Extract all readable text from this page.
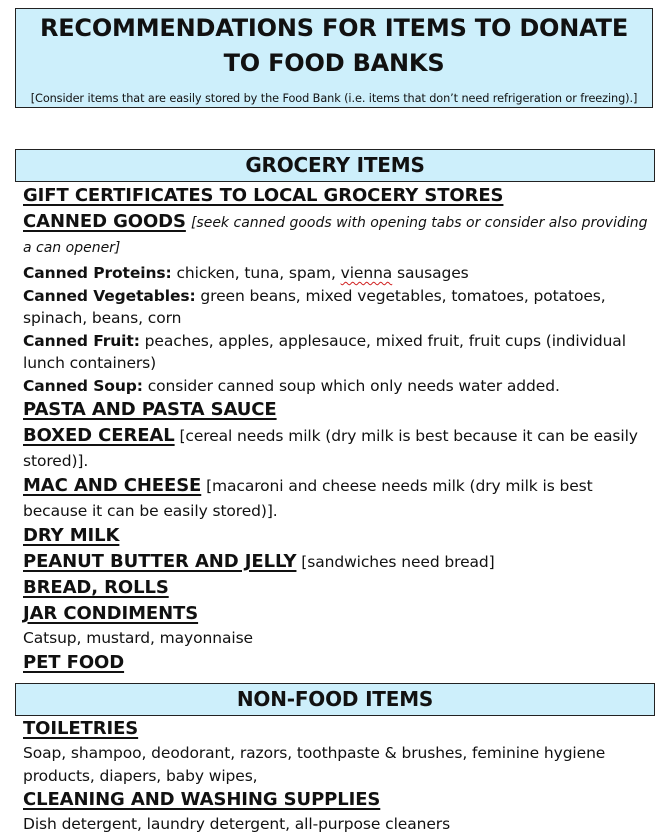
RECOMMENDATIONS FOR ITEMS TO DONATE TO FOOD BANKS
[Consider items that are easily stored by the Food Bank (i.e. items that don’t need refrigeration or freezing).]
GROCERY ITEMS
GIFT CERTIFICATES TO LOCAL GROCERY STORES
CANNED GOODS [seek canned goods with opening tabs or consider also providing a can opener]
Canned Proteins: chicken, tuna, spam, vienna sausages
Canned Vegetables: green beans, mixed vegetables, tomatoes, potatoes, spinach, beans, corn
Canned Fruit: peaches, apples, applesauce, mixed fruit, fruit cups (individual lunch containers)
Canned Soup: consider canned soup which only needs water added.
PASTA AND PASTA SAUCE
BOXED CEREAL [cereal needs milk (dry milk is best because it can be easily stored)].
MAC AND CHEESE [macaroni and cheese needs milk (dry milk is best because it can be easily stored)].
DRY MILK
PEANUT BUTTER AND JELLY [sandwiches need bread]
BREAD, ROLLS
JAR CONDIMENTS
Catsup, mustard, mayonnaise
PET FOOD
NON-FOOD ITEMS
TOILETRIES
Soap, shampoo, deodorant, razors, toothpaste & brushes, feminine hygiene products, diapers, baby wipes,
CLEANING AND WASHING SUPPLIES
Dish detergent, laundry detergent, all-purpose cleaners
